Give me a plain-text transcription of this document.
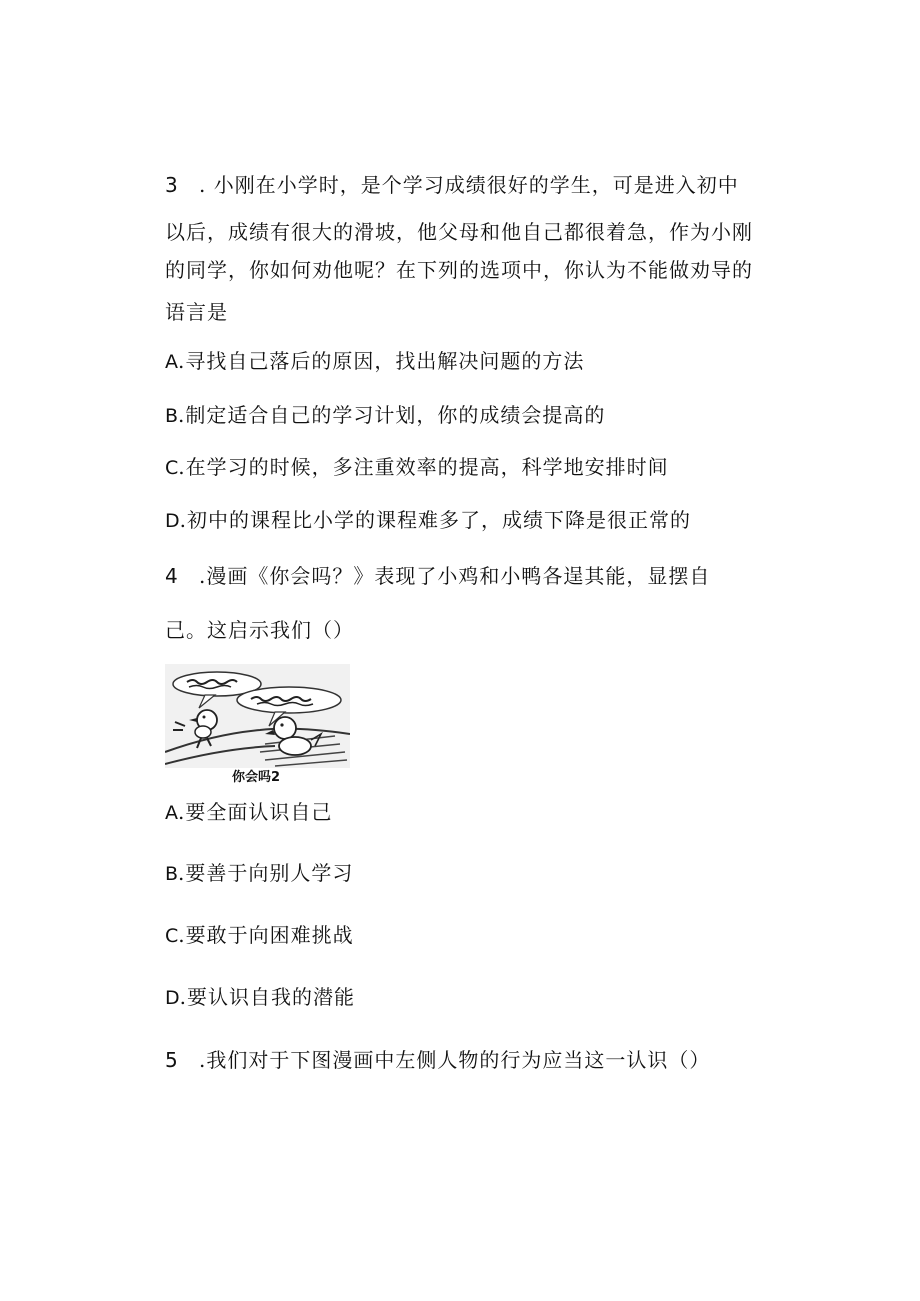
3 . 小刚在小学时，是个学习成绩很好的学生，可是进入初中
以后，成绩有很大的滑坡，他父母和他自己都很着急，作为小刚
的同学，你如何劝他呢？在下列的选项中，你认为不能做劝导的
语言是
A.寻找自己落后的原因，找出解决问题的方法
B.制定适合自己的学习计划，你的成绩会提高的
C.在学习的时候，多注重效率的提高，科学地安排时间
D.初中的课程比小学的课程难多了，成绩下降是很正常的
4 .漫画《你会吗？》表现了小鸡和小鸭各逞其能，显摆自
己。这启示我们（）
你会吗2
A.要全面认识自己
B.要善于向别人学习
C.要敢于向困难挑战
D.要认识自我的潜能
5 .我们对于下图漫画中左侧人物的行为应当这一认识（）
